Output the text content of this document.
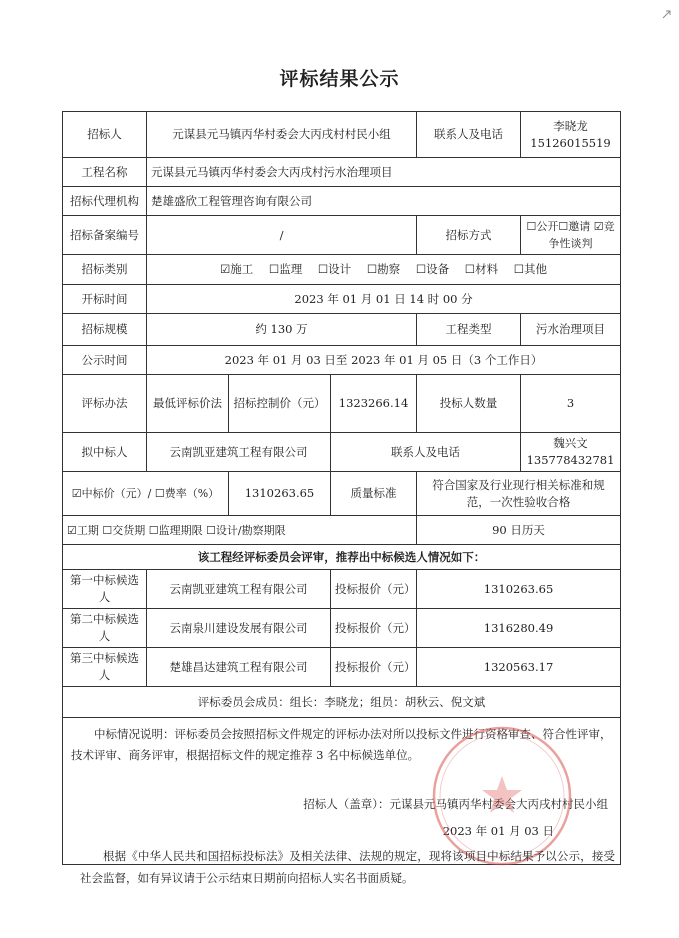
评标结果公示
招标人	元谋县元马镇丙华村委会大丙戌村村民小组			联系人及电话	李晓龙 15126015519
工程名称	元谋县元马镇丙华村委会大丙戌村污水治理项目				
招标代理机构	楚雄盛欣工程管理咨询有限公司				
招标备案编号	/			招标方式	☐公开☐邀请 ☑竞争性谈判
招标类别	☑施工 ☐监理 ☐设计 ☐勘察 ☐设备 ☐材料 ☐其他				
开标时间	2023 年 01 月 01 日 14 时 00 分				
招标规模	约 130 万			工程类型	污水治理项目
公示时间	2023 年 01 月 03 日至 2023 年 01 月 05 日（3 个工作日）				
评标办法	最低评标价法	招标控制价（元）	1323266.14	投标人数量	3
拟中标人	云南凯亚建筑工程有限公司		联系人及电话		魏兴文 135778432781
☑中标价（元）/ ☐费率（%）		1310263.65	质量标准	符合国家及行业现行相关标准和规范，一次性验收合格	
☑工期 ☐交货期 ☐监理期限 ☐设计/勘察期限				90 日历天	
该工程经评标委员会评审，推荐出中标候选人情况如下：					
第一中标候选人	云南凯亚建筑工程有限公司		投标报价（元）	1310263.65	
第二中标候选人	云南泉川建设发展有限公司		投标报价（元）	1316280.49	
第三中标候选人	楚雄昌达建筑工程有限公司		投标报价（元）	1320563.17	
评标委员会成员：组长：李晓龙；组员：胡秋云、倪文斌					

中标情况说明：评标委员会按照招标文件规定的评标办法对所以投标文件进行资格审查、符合性评审，技术评审、商务评审，根据招标文件的规定推荐 3 名中标候选单位。
招标人（盖章）：元谋县元马镇丙华村委会大丙戌村村民小组
2023 年 01 月 03 日					
根据《中华人民共和国招标投标法》及相关法律、法规的规定，现将该项目中标结果予以公示，接受社会监督，如有异议请于公示结束日期前向招标人实名书面质疑。
